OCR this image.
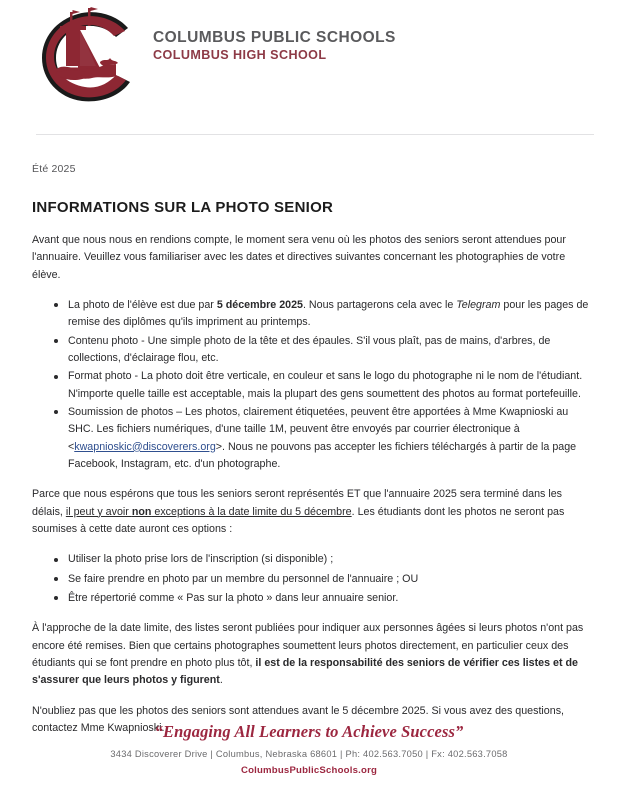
COLUMBUS PUBLIC SCHOOLS
COLUMBUS HIGH SCHOOL
Été 2025
INFORMATIONS SUR LA PHOTO SENIOR

Avant que nous nous en rendions compte, le moment sera venu où les photos des seniors seront attendues pour l'annuaire. Veuillez vous familiariser avec les dates et directives suivantes concernant les photographies de votre élève.

La photo de l'élève est due par 5 décembre 2025. Nous partagerons cela avec le Telegram pour les pages de remise des diplômes qu'ils impriment au printemps.
Contenu photo - Une simple photo de la tête et des épaules. S'il vous plaît, pas de mains, d'arbres, de collections, d'éclairage flou, etc.
Format photo - La photo doit être verticale, en couleur et sans le logo du photographe ni le nom de l'étudiant. N'importe quelle taille est acceptable, mais la plupart des gens soumettent des photos au format portefeuille.
Soumission de photos – Les photos, clairement étiquetées, peuvent être apportées à Mme Kwapnioski au SHC. Les fichiers numériques, d'une taille 1M, peuvent être envoyés par courrier électronique à <kwapnioskic@discoverers.org>. Nous ne pouvons pas accepter les fichiers téléchargés à partir de la page Facebook, Instagram, etc. d'un photographe.

Parce que nous espérons que tous les seniors seront représentés ET que l'annuaire 2025 sera terminé dans les délais, il peut y avoir non exceptions à la date limite du 5 décembre. Les étudiants dont les photos ne seront pas soumises à cette date auront ces options :

Utiliser la photo prise lors de l'inscription (si disponible) ;
Se faire prendre en photo par un membre du personnel de l'annuaire ; OU
Être répertorié comme « Pas sur la photo » dans leur annuaire senior.

À l'approche de la date limite, des listes seront publiées pour indiquer aux personnes âgées si leurs photos n'ont pas encore été remises. Bien que certains photographes soumettent leurs photos directement, en particulier ceux des étudiants qui se font prendre en photo plus tôt, il est de la responsabilité des seniors de vérifier ces listes et de s'assurer que leurs photos y figurent.

N'oubliez pas que les photos des seniors sont attendues avant le 5 décembre 2025. Si vous avez des questions, contactez Mme Kwapnioski.

“Engaging All Learners to Achieve Success”
3434 Discoverer Drive | Columbus, Nebraska 68601 | Ph: 402.563.7050 | Fx: 402.563.7058
ColumbusPublicSchools.org
